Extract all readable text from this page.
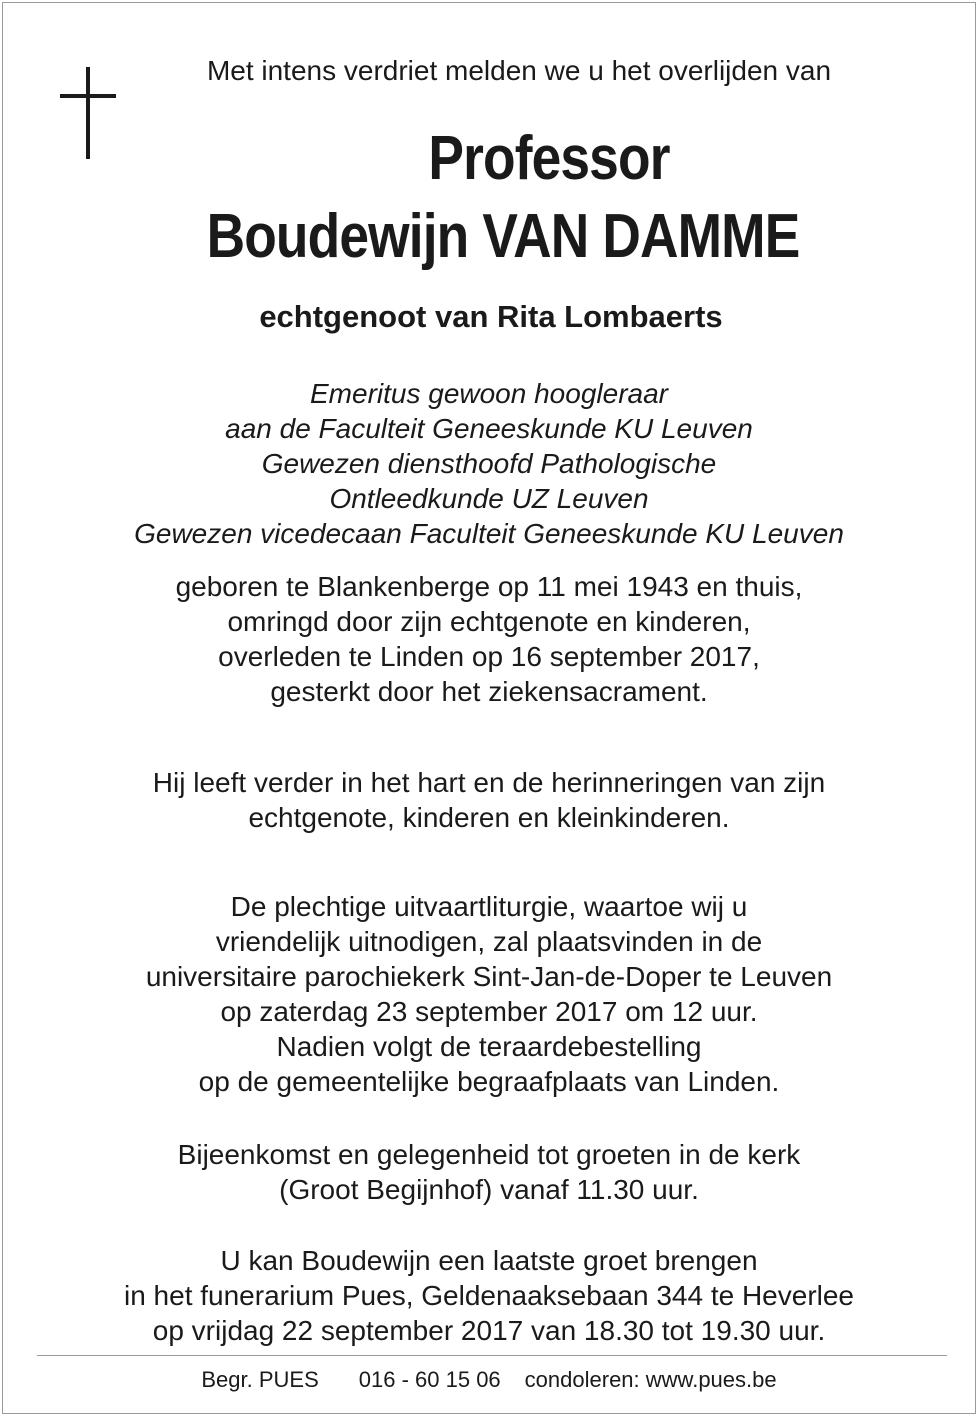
Met intens verdriet melden we u het overlijden van
Professor
Boudewijn VAN DAMME
echtgenoot van Rita Lombaerts
Emeritus gewoon hoogleraar
aan de Faculteit Geneeskunde KU Leuven
Gewezen diensthoofd Pathologische
Ontleedkunde UZ Leuven
Gewezen vicedecaan Faculteit Geneeskunde KU Leuven
geboren te Blankenberge op 11 mei 1943 en thuis,
omringd door zijn echtgenote en kinderen,
overleden te Linden op 16 september 2017,
gesterkt door het ziekensacrament.
Hij leeft verder in het hart en de herinneringen van zijn
echtgenote, kinderen en kleinkinderen.
De plechtige uitvaartliturgie, waartoe wij u
vriendelijk uitnodigen, zal plaatsvinden in de
universitaire parochiekerk Sint-Jan-de-Doper te Leuven
op zaterdag 23 september 2017 om 12 uur.
Nadien volgt de teraardebestelling
op de gemeentelijke begraafplaats van Linden.
Bijeenkomst en gelegenheid tot groeten in de kerk
(Groot Begijnhof) vanaf 11.30 uur.
U kan Boudewijn een laatste groet brengen
in het funerarium Pues, Geldenaaksebaan 344 te Heverlee
op vrijdag 22 september 2017 van 18.30 tot 19.30 uur.
Begr. PUES 016 - 60 15 06 condoleren: www.pues.be
